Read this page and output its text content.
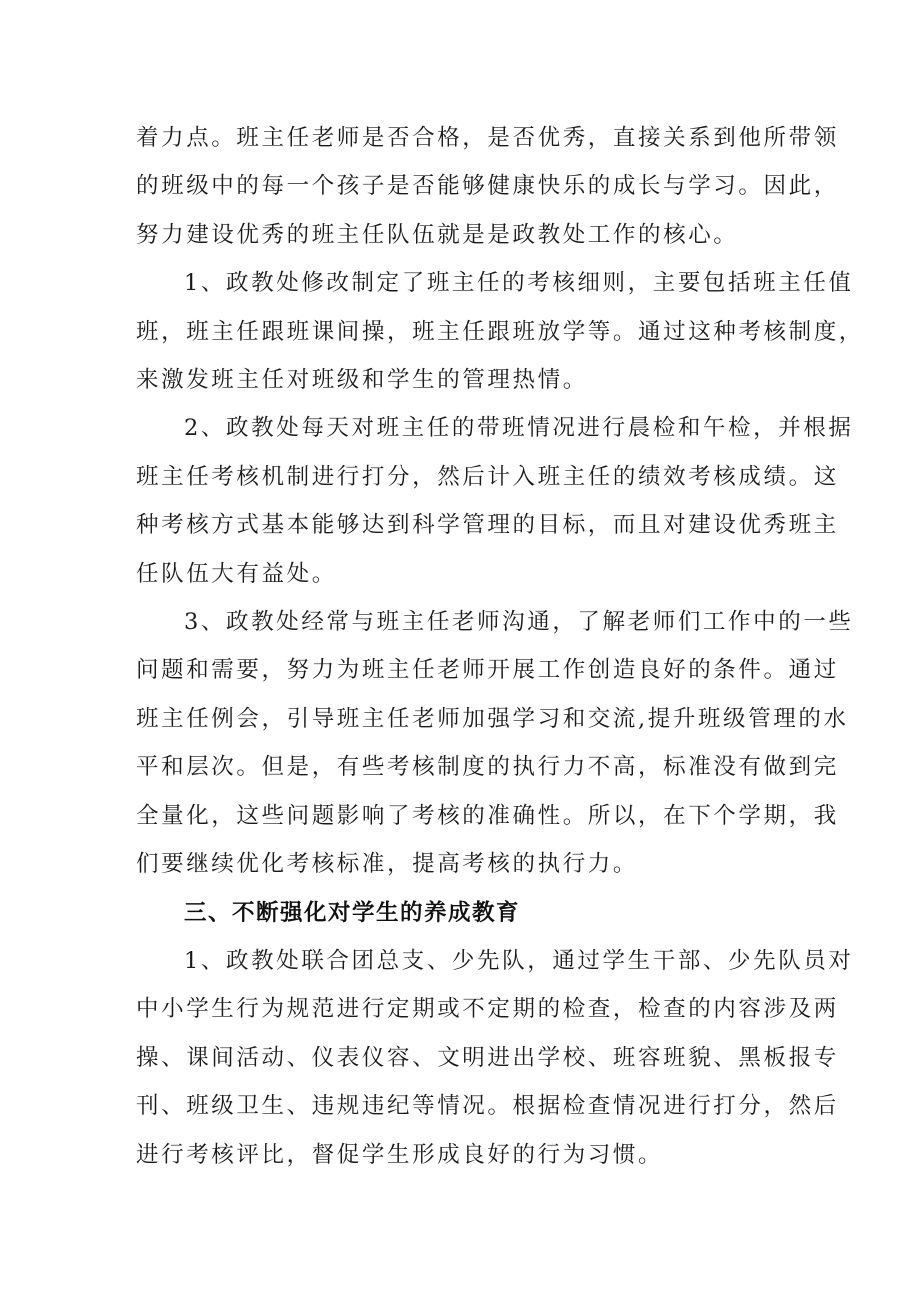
着力点。班主任老师是否合格，是否优秀，直接关系到他所带领
的班级中的每一个孩子是否能够健康快乐的成长与学习。因此，
努力建设优秀的班主任队伍就是是政教处工作的核心。
1、政教处修改制定了班主任的考核细则，主要包括班主任值
班，班主任跟班课间操，班主任跟班放学等。通过这种考核制度，
来激发班主任对班级和学生的管理热情。
2、政教处每天对班主任的带班情况进行晨检和午检，并根据
班主任考核机制进行打分，然后计入班主任的绩效考核成绩。这
种考核方式基本能够达到科学管理的目标，而且对建设优秀班主
任队伍大有益处。
3、政教处经常与班主任老师沟通，了解老师们工作中的一些
问题和需要，努力为班主任老师开展工作创造良好的条件。通过
班主任例会，引导班主任老师加强学习和交流,提升班级管理的水
平和层次。但是，有些考核制度的执行力不高，标准没有做到完
全量化，这些问题影响了考核的准确性。所以，在下个学期，我
们要继续优化考核标准，提高考核的执行力。
三、不断强化对学生的养成教育
1、政教处联合团总支、少先队，通过学生干部、少先队员对
中小学生行为规范进行定期或不定期的检查，检查的内容涉及两
操、课间活动、仪表仪容、文明进出学校、班容班貌、黑板报专
刊、班级卫生、违规违纪等情况。根据检查情况进行打分，然后
进行考核评比，督促学生形成良好的行为习惯。
